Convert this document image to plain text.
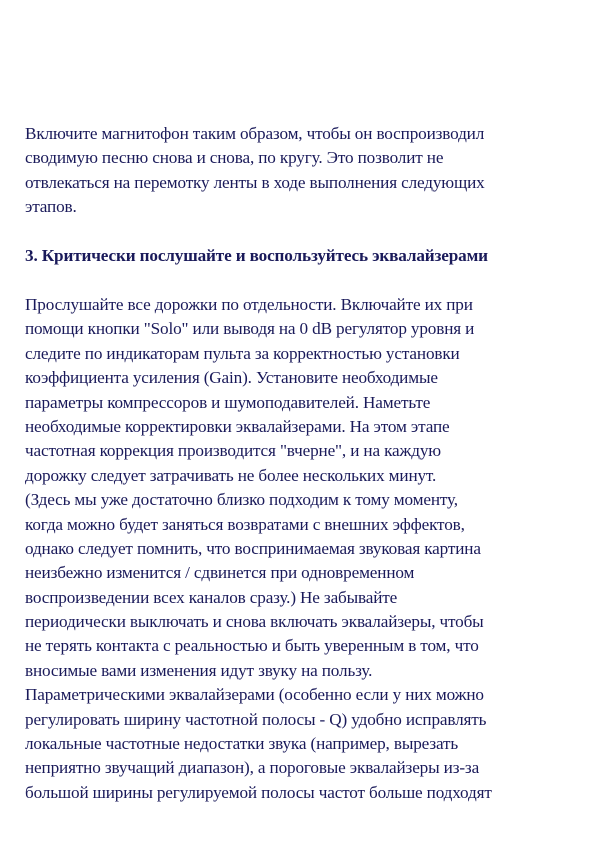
Включите магнитофон таким образом, чтобы он воспроизводил
сводимую песню снова и снова, по кругу. Это позволит не
отвлекаться на перемотку ленты в ходе выполнения следующих
этапов.
3. Критически послушайте и воспользуйтесь эквалайзерами
Прослушайте все дорожки по отдельности. Включайте их при
помощи кнопки "Solo" или выводя на 0 dB регулятор уровня и
следите по индикаторам пульта за корректностью установки
коэффициента усиления (Gain). Установите необходимые
параметры компрессоров и шумоподавителей. Наметьте
необходимые корректировки эквалайзерами. На этом этапе
частотная коррекция производится "вчерне", и на каждую
дорожку следует затрачивать не более нескольких минут.
(Здесь мы уже достаточно близко подходим к тому моменту,
когда можно будет заняться возвратами с внешних эффектов,
однако следует помнить, что воспринимаемая звуковая картина
неизбежно изменится / сдвинется при одновременном
воспроизведении всех каналов сразу.) Не забывайте
периодически выключать и снова включать эквалайзеры, чтобы
не терять контакта с реальностью и быть уверенным в том, что
вносимые вами изменения идут звуку на пользу.
Параметрическими эквалайзерами (особенно если у них можно
регулировать ширину частотной полосы - Q) удобно исправлять
локальные частотные недостатки звука (например, вырезать
неприятно звучащий диапазон), а пороговые эквалайзеры из-за
большой ширины регулируемой полосы частот больше подходят
